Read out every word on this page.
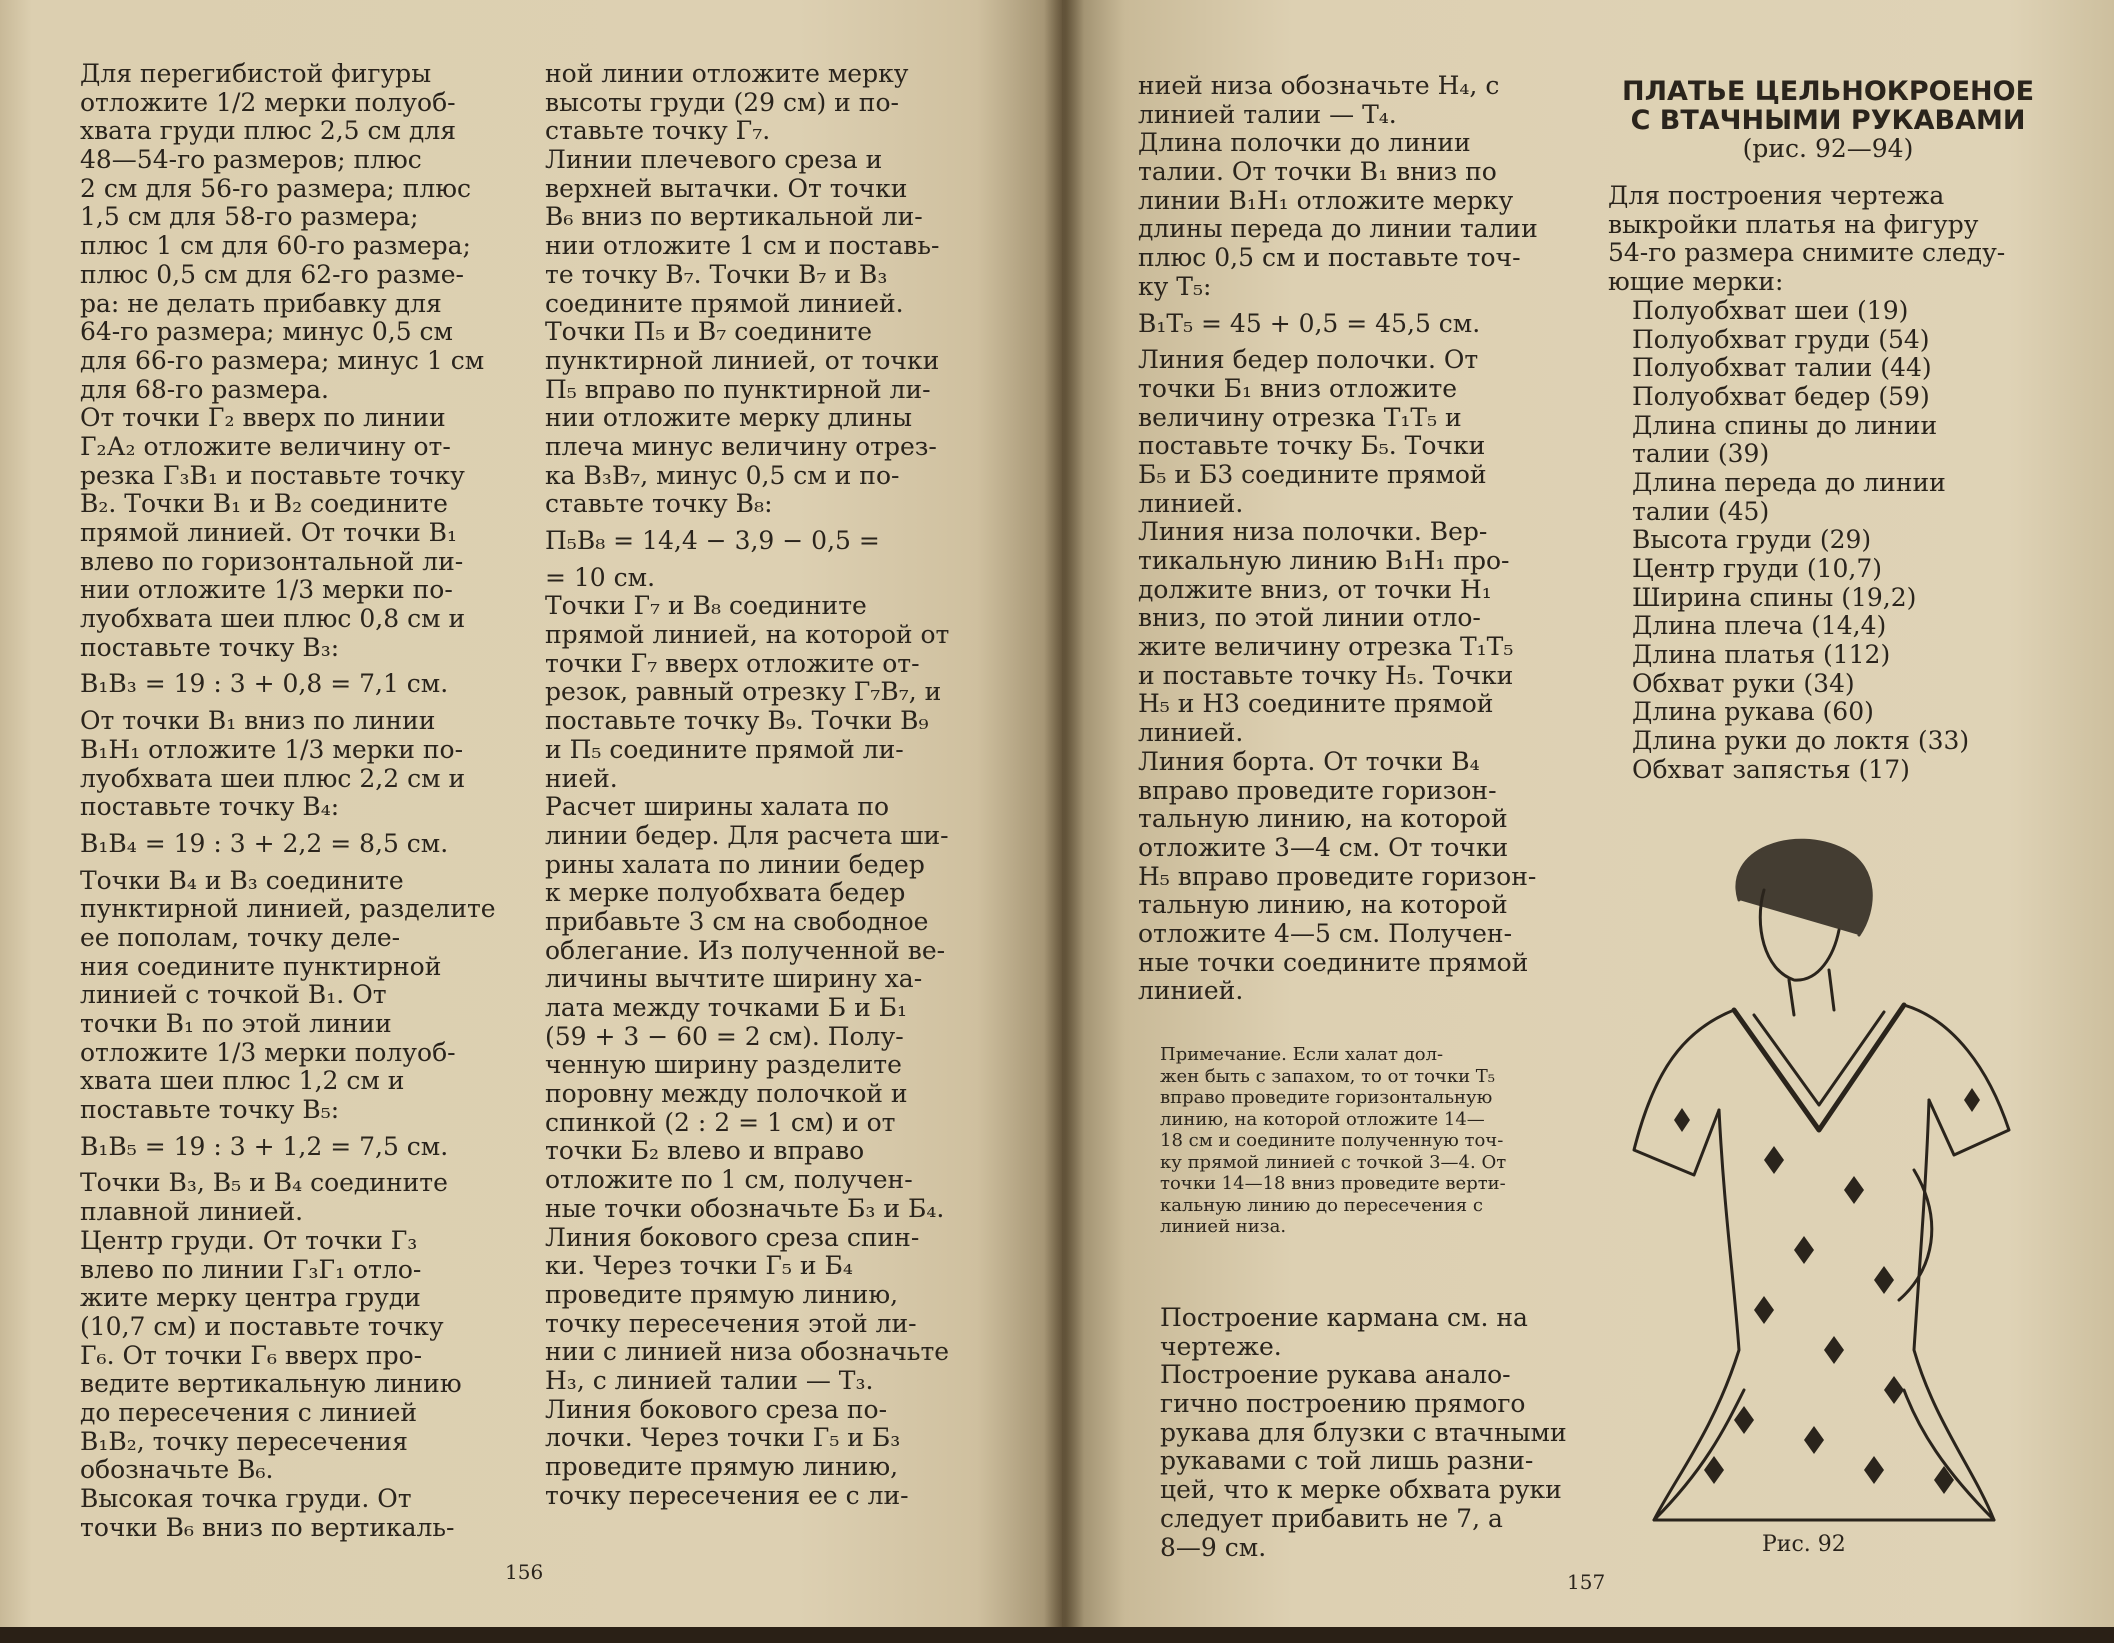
Для перегибистой фигуры
отложите 1/2 мерки полуоб-
хвата груди плюс 2,5 см для
48—54-го размеров; плюс
2 см для 56-го размера; плюс
1,5 см для 58-го размера;
плюс 1 см для 60-го размера;
плюс 0,5 см для 62-го разме-
ра: не делать прибавку для
64-го размера; минус 0,5 см
для 66-го размера; минус 1 см
для 68-го размера.
От точки Г₂ вверх по линии
Г₂А₂ отложите величину от-
резка Г₃В₁ и поставьте точку
В₂. Точки В₁ и В₂ соедините
прямой линией. От точки В₁
влево по горизонтальной ли-
нии отложите 1/3 мерки по-
луобхвата шеи плюс 0,8 см и
поставьте точку В₃:
В₁В₃ = 19 : 3 + 0,8 = 7,1 см.
От точки В₁ вниз по линии
В₁Н₁ отложите 1/3 мерки по-
луобхвата шеи плюс 2,2 см и
поставьте точку В₄:
В₁В₄ = 19 : 3 + 2,2 = 8,5 см.
Точки В₄ и В₃ соедините
пунктирной линией, разделите
ее пополам, точку деле-
ния соедините пунктирной
линией с точкой В₁. От
точки В₁ по этой линии
отложите 1/3 мерки полуоб-
хвата шеи плюс 1,2 см и
поставьте точку В₅:
В₁В₅ = 19 : 3 + 1,2 = 7,5 см.
Точки В₃, В₅ и В₄ соедините
плавной линией.
Центр груди. От точки Г₃
влево по линии Г₃Г₁ отло-
жите мерку центра груди
(10,7 см) и поставьте точку
Г₆. От точки Г₆ вверх про-
ведите вертикальную линию
до пересечения с линией
В₁В₂, точку пересечения
обозначьте В₆.
Высокая точка груди. От
точки В₆ вниз по вертикаль-
ной линии отложите мерку
высоты груди (29 см) и по-
ставьте точку Г₇.
Линии плечевого среза и
верхней вытачки. От точки
В₆ вниз по вертикальной ли-
нии отложите 1 см и поставь-
те точку В₇. Точки В₇ и В₃
соедините прямой линией.
Точки П₅ и В₇ соедините
пунктирной линией, от точки
П₅ вправо по пунктирной ли-
нии отложите мерку длины
плеча минус величину отрез-
ка В₃В₇, минус 0,5 см и по-
ставьте точку В₈:
П₅В₈ = 14,4 − 3,9 − 0,5 =
= 10 см.
Точки Г₇ и В₈ соедините
прямой линией, на которой от
точки Г₇ вверх отложите от-
резок, равный отрезку Г₇В₇, и
поставьте точку В₉. Точки В₉
и П₅ соедините прямой ли-
нией.
Расчет ширины халата по
линии бедер. Для расчета ши-
рины халата по линии бедер
к мерке полуобхвата бедер
прибавьте 3 см на свободное
облегание. Из полученной ве-
личины вычтите ширину ха-
лата между точками Б и Б₁
(59 + 3 − 60 = 2 см). Полу-
ченную ширину разделите
поровну между полочкой и
спинкой (2 : 2 = 1 см) и от
точки Б₂ влево и вправо
отложите по 1 см, получен-
ные точки обозначьте Б₃ и Б₄.
Линия бокового среза спин-
ки. Через точки Г₅ и Б₄
проведите прямую линию,
точку пересечения этой ли-
нии с линией низа обозначьте
Н₃, с линией талии — Т₃.
Линия бокового среза по-
лочки. Через точки Г₅ и Б₃
проведите прямую линию,
точку пересечения ее с ли-
156
нией низа обозначьте Н₄, с
линией талии — Т₄.
Длина полочки до линии
талии. От точки В₁ вниз по
линии В₁Н₁ отложите мерку
длины переда до линии талии
плюс 0,5 см и поставьте точ-
ку Т₅:
В₁Т₅ = 45 + 0,5 = 45,5 см.
Линия бедер полочки. От
точки Б₁ вниз отложите
величину отрезка Т₁Т₅ и
поставьте точку Б₅. Точки
Б₅ и Б3 соедините прямой
линией.
Линия низа полочки. Вер-
тикальную линию В₁Н₁ про-
должите вниз, от точки Н₁
вниз, по этой линии отло-
жите величину отрезка Т₁Т₅
и поставьте точку Н₅. Точки
Н₅ и Н3 соедините прямой
линией.
Линия борта. От точки В₄
вправо проведите горизон-
тальную линию, на которой
отложите 3—4 см. От точки
Н₅ вправо проведите горизон-
тальную линию, на которой
отложите 4—5 см. Получен-
ные точки соедините прямой
линией.
Примечание. Если халат дол-
жен быть с запахом, то от точки Т₅
вправо проведите горизонтальную
линию, на которой отложите 14—
18 см и соедините полученную точ-
ку прямой линией с точкой 3—4. От
точки 14—18 вниз проведите верти-
кальную линию до пересечения с
линией низа.
Построение кармана см. на
чертеже.
Построение рукава анало-
гично построению прямого
рукава для блузки с втачными
рукавами с той лишь разни-
цей, что к мерке обхвата руки
следует прибавить не 7, а
8—9 см.
ПЛАТЬЕ ЦЕЛЬНОКРОЕНОЕ
С ВТАЧНЫМИ РУКАВАМИ
(рис. 92—94)
Для построения чертежа
выкройки платья на фигуру
54-го размера снимите следу-
ющие мерки:
Полуобхват шеи (19)
Полуобхват груди (54)
Полуобхват талии (44)
Полуобхват бедер (59)
Длина спины до линии
талии (39)
Длина переда до линии
талии (45)
Высота груди (29)
Центр груди (10,7)
Ширина спины (19,2)
Длина плеча (14,4)
Длина платья (112)
Обхват руки (34)
Длина рукава (60)
Длина руки до локтя (33)
Обхват запястья (17)
Рис. 92
157
